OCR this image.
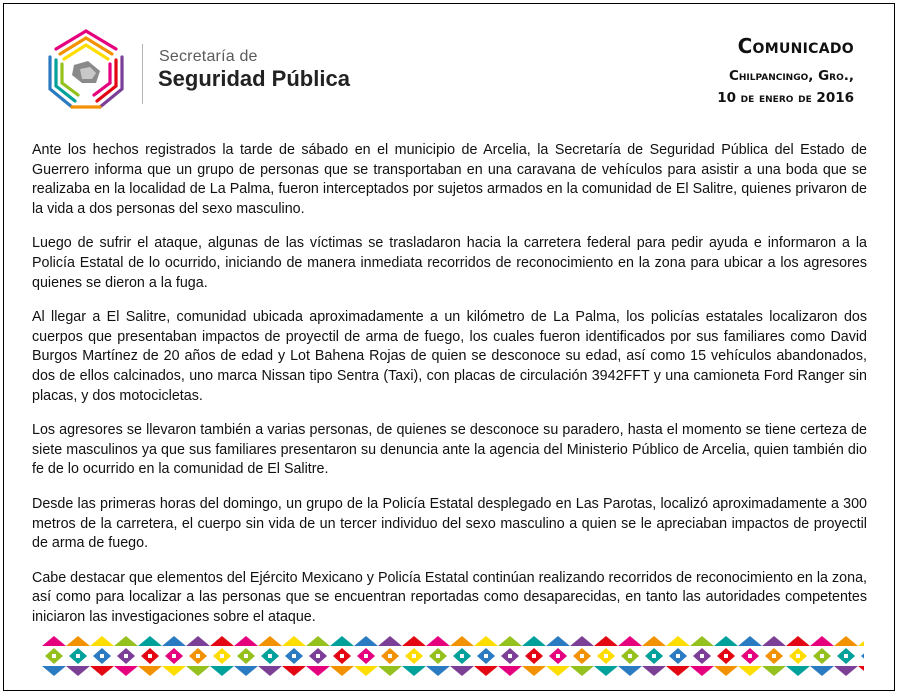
Secretaría de
Seguridad Pública
Comunicado
Chilpancingo, Gro.,
10 de enero de 2016

Ante los hechos registrados la tarde de sábado en el municipio de Arcelia, la Secretaría de Seguridad Pública del Estado de Guerrero informa que un grupo de personas que se transportaban en una caravana de vehículos para asistir a una boda que se realizaba en la localidad de La Palma, fueron interceptados por sujetos armados en la comunidad de El Salitre, quienes privaron de la vida a dos personas del sexo masculino.

Luego de sufrir el ataque, algunas de las víctimas se trasladaron hacia la carretera federal para pedir ayuda e informaron a la Policía Estatal de lo ocurrido, iniciando de manera inmediata recorridos de reconocimiento en la zona para ubicar a los agresores quienes se dieron a la fuga.

Al llegar a El Salitre, comunidad ubicada aproximadamente a un kilómetro de La Palma, los policías estatales localizaron dos cuerpos que presentaban impactos de proyectil de arma de fuego, los cuales fueron identificados por sus familiares como David Burgos Martínez de 20 años de edad y Lot Bahena Rojas de quien se desconoce su edad, así como 15 vehículos abandonados, dos de ellos calcinados, uno marca Nissan tipo Sentra (Taxi), con placas de circulación 3942FFT y una camioneta Ford Ranger sin placas, y dos motocicletas.

Los agresores se llevaron también a varias personas, de quienes se desconoce su paradero, hasta el momento se tiene certeza de siete masculinos ya que sus familiares presentaron su denuncia ante la agencia del Ministerio Público de Arcelia, quien también dio fe de lo ocurrido en la comunidad de El Salitre.

Desde las primeras horas del domingo, un grupo de la Policía Estatal desplegado en Las Parotas, localizó aproximadamente a 300 metros de la carretera, el cuerpo sin vida de un tercer individuo del sexo masculino a quien se le apreciaban impactos de proyectil de arma de fuego.

Cabe destacar que elementos del Ejército Mexicano y Policía Estatal continúan realizando recorridos de reconocimiento en la zona, así como para localizar a las personas que se encuentran reportadas como desaparecidas, en tanto las autoridades competentes iniciaron las investigaciones sobre el ataque.
